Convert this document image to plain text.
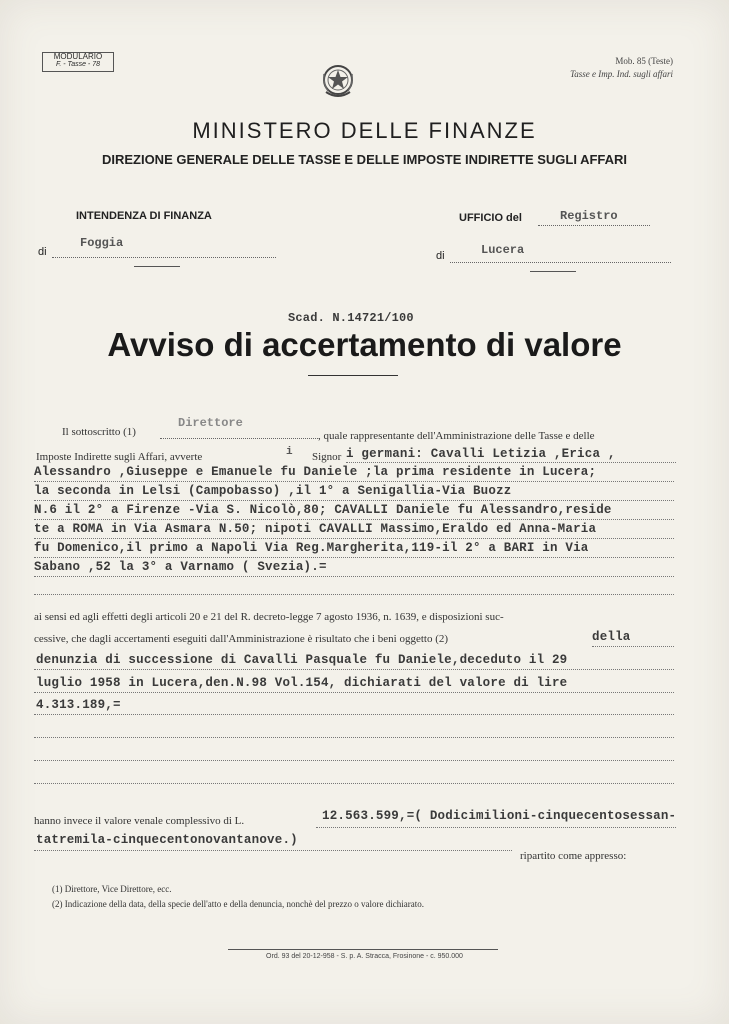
MODULARIO
F. - Tasse - 78	Mob. 85 (Teste)
Tasse e Imp. Ind. sugli affari
MINISTERO DELLE FINANZE
DIREZIONE GENERALE DELLE TASSE E DELLE IMPOSTE INDIRETTE SUGLI AFFARI
INTENDENZA DI FINANZA	UFFICIO del	Registro
di
Foggia
di	Lucera
Scad. N.14721/100
Avviso di accertamento di valore
Il sottoscritto (1)
Direttore
, quale rappresentante dell'Amministrazione delle Tasse e delle
Imposte Indirette sugli Affari, avverte	i Signor i germani: Cavalli Letizia ,Erica ,
Alessandro ,Giuseppe e Emanuele fu Daniele ;la prima residente in Lucera;
la seconda in Lelsi (Campobasso) ,il 1° a Senigallia-Via Buozz
N.6 il 2° a Firenze -Via S. Nicolò,80; CAVALLI Daniele fu Alessandro,reside
te a ROMA in Via Asmara N.50; nipoti CAVALLI Massimo,Eraldo ed Anna-Maria
fu Domenico,il primo a Napoli Via Reg.Margherita,119-il 2° a BARI in Via
Sabano ,52 la 3° a Varnamo ( Svezia).=
ai sensi ed agli effetti degli articoli 20 e 21 del R. decreto-legge 7 agosto 1936, n. 1639, e disposizioni suc-
cessive, che dagli accertamenti eseguiti dall'Amministrazione è risultato che i beni oggetto (2)	della
denunzia di successione di Cavalli Pasquale fu Daniele,deceduto il 29
luglio 1958 in Lucera,den.N.98 Vol.154, dichiarati del valore di lire
4.313.189,=
hanno invece il valore venale complessivo di L.	12.563.599,=( Dodicimilioni-cinquecentosessan-
tatremila-cinquecentonovantanove.)
ripartito come appresso:
(1) Direttore, Vice Direttore, ecc.
(2) Indicazione della data, della specie dell'atto e della denuncia, nonchè del prezzo o valore dichiarato.
Ord. 93 del 20-12-958 - S. p. A. Stracca, Frosinone - c. 950.000
